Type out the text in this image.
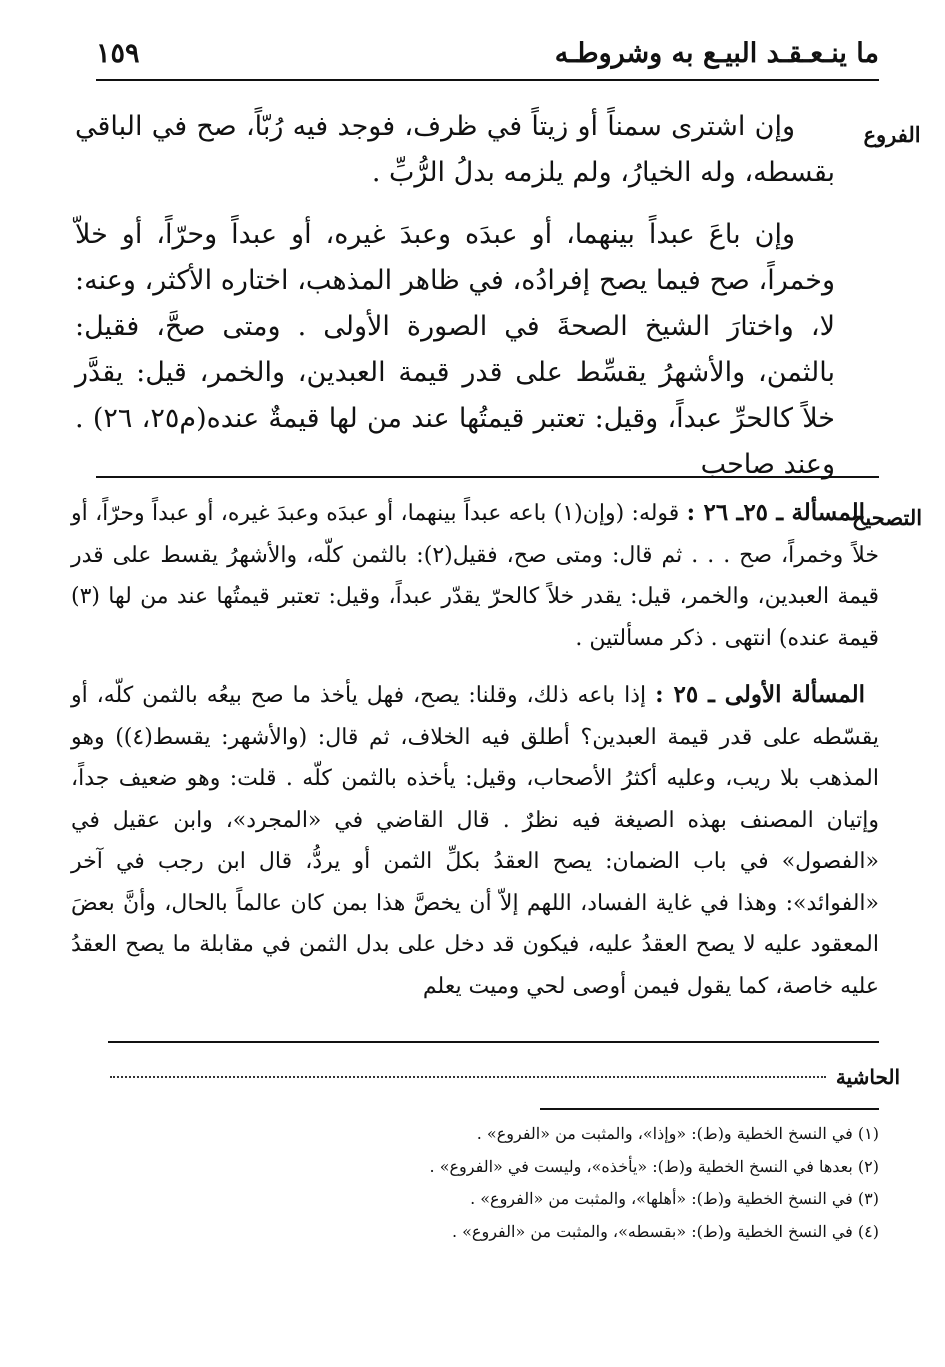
ما ينـعـقـد البيـع به وشروطـه
١٥٩
الفروع
التصحيح

وإن اشترى سمناً أو زيتاً في ظرف، فوجد فيه رُبّاً، صح في الباقي بقسطه، وله الخيارُ، ولم يلزمه بدلُ الرُّبِّ .

وإن باعَ عبداً بينهما، أو عبدَه وعبدَ غيره، أو عبداً وحرّاً، أو خلاّ وخمراً، صح فيما يصح إفرادُه، في ظاهر المذهب، اختاره الأكثر، وعنه: لا، واختارَ الشيخ الصحةَ في الصورة الأولى . ومتى صحَّ، فقيل: بالثمن، والأشهرُ يقسِّط على قدر قيمة العبدين، والخمر، قيل: يقدَّر خلاً كالحرِّ عبداً، وقيل: تعتبر قيمتُها عند من لها قيمةٌ عنده(م٢٥، ٢٦) . وعند صاحب

المسألة ـ ٢٥ـ ٢٦ : قوله: (وإن(١) باعه عبداً بينهما، أو عبدَه وعبدَ غيره، أو عبداً وحرّاً، أو خلاً وخمراً، صح . . . ثم قال: ومتى صح، فقيل(٢): بالثمن كلّه، والأشهرُ يقسط على قدر قيمة العبدين، والخمر، قيل: يقدر خلاً كالحرّ يقدّر عبداً، وقيل: تعتبر قيمتُها عند من لها (٣) قيمة عنده) انتهى . ذكر مسألتين .

المسألة الأولى ـ ٢٥ : إذا باعه ذلك، وقلنا: يصح، فهل يأخذ ما صح بيعُه بالثمن كلّه، أو يقسّطه على قدر قيمة العبدين؟ أطلق فيه الخلاف، ثم قال: (والأشهر: يقسط(٤)) وهو المذهب بلا ريب، وعليه أكثرُ الأصحاب، وقيل: يأخذه بالثمن كلّه . قلت: وهو ضعيف جداً، وإتيان المصنف بهذه الصيغة فيه نظرٌ . قال القاضي في «المجرد»، وابن عقيل في «الفصول» في باب الضمان: يصح العقدُ بكلِّ الثمن أو يردُّ، قال ابن رجب في آخر «الفوائد»: وهذا في غاية الفساد، اللهم إلاّ أن يخصَّ هذا بمن كان عالماً بالحال، وأنَّ بعضَ المعقود عليه لا يصح العقدُ عليه، فيكون قد دخل على بدل الثمن في مقابلة ما يصح العقدُ عليه خاصة، كما يقول فيمن أوصى لحي وميت يعلم

الحاشية
(١) في النسخ الخطية و(ط): «وإذا»، والمثبت من «الفروع» .
(٢) بعدها في النسخ الخطية و(ط): «يأخذه»، وليست في «الفروع» .
(٣) في النسخ الخطية و(ط): «أهلها»، والمثبت من «الفروع» .
(٤) في النسخ الخطية و(ط): «بقسطه»، والمثبت من «الفروع» .
